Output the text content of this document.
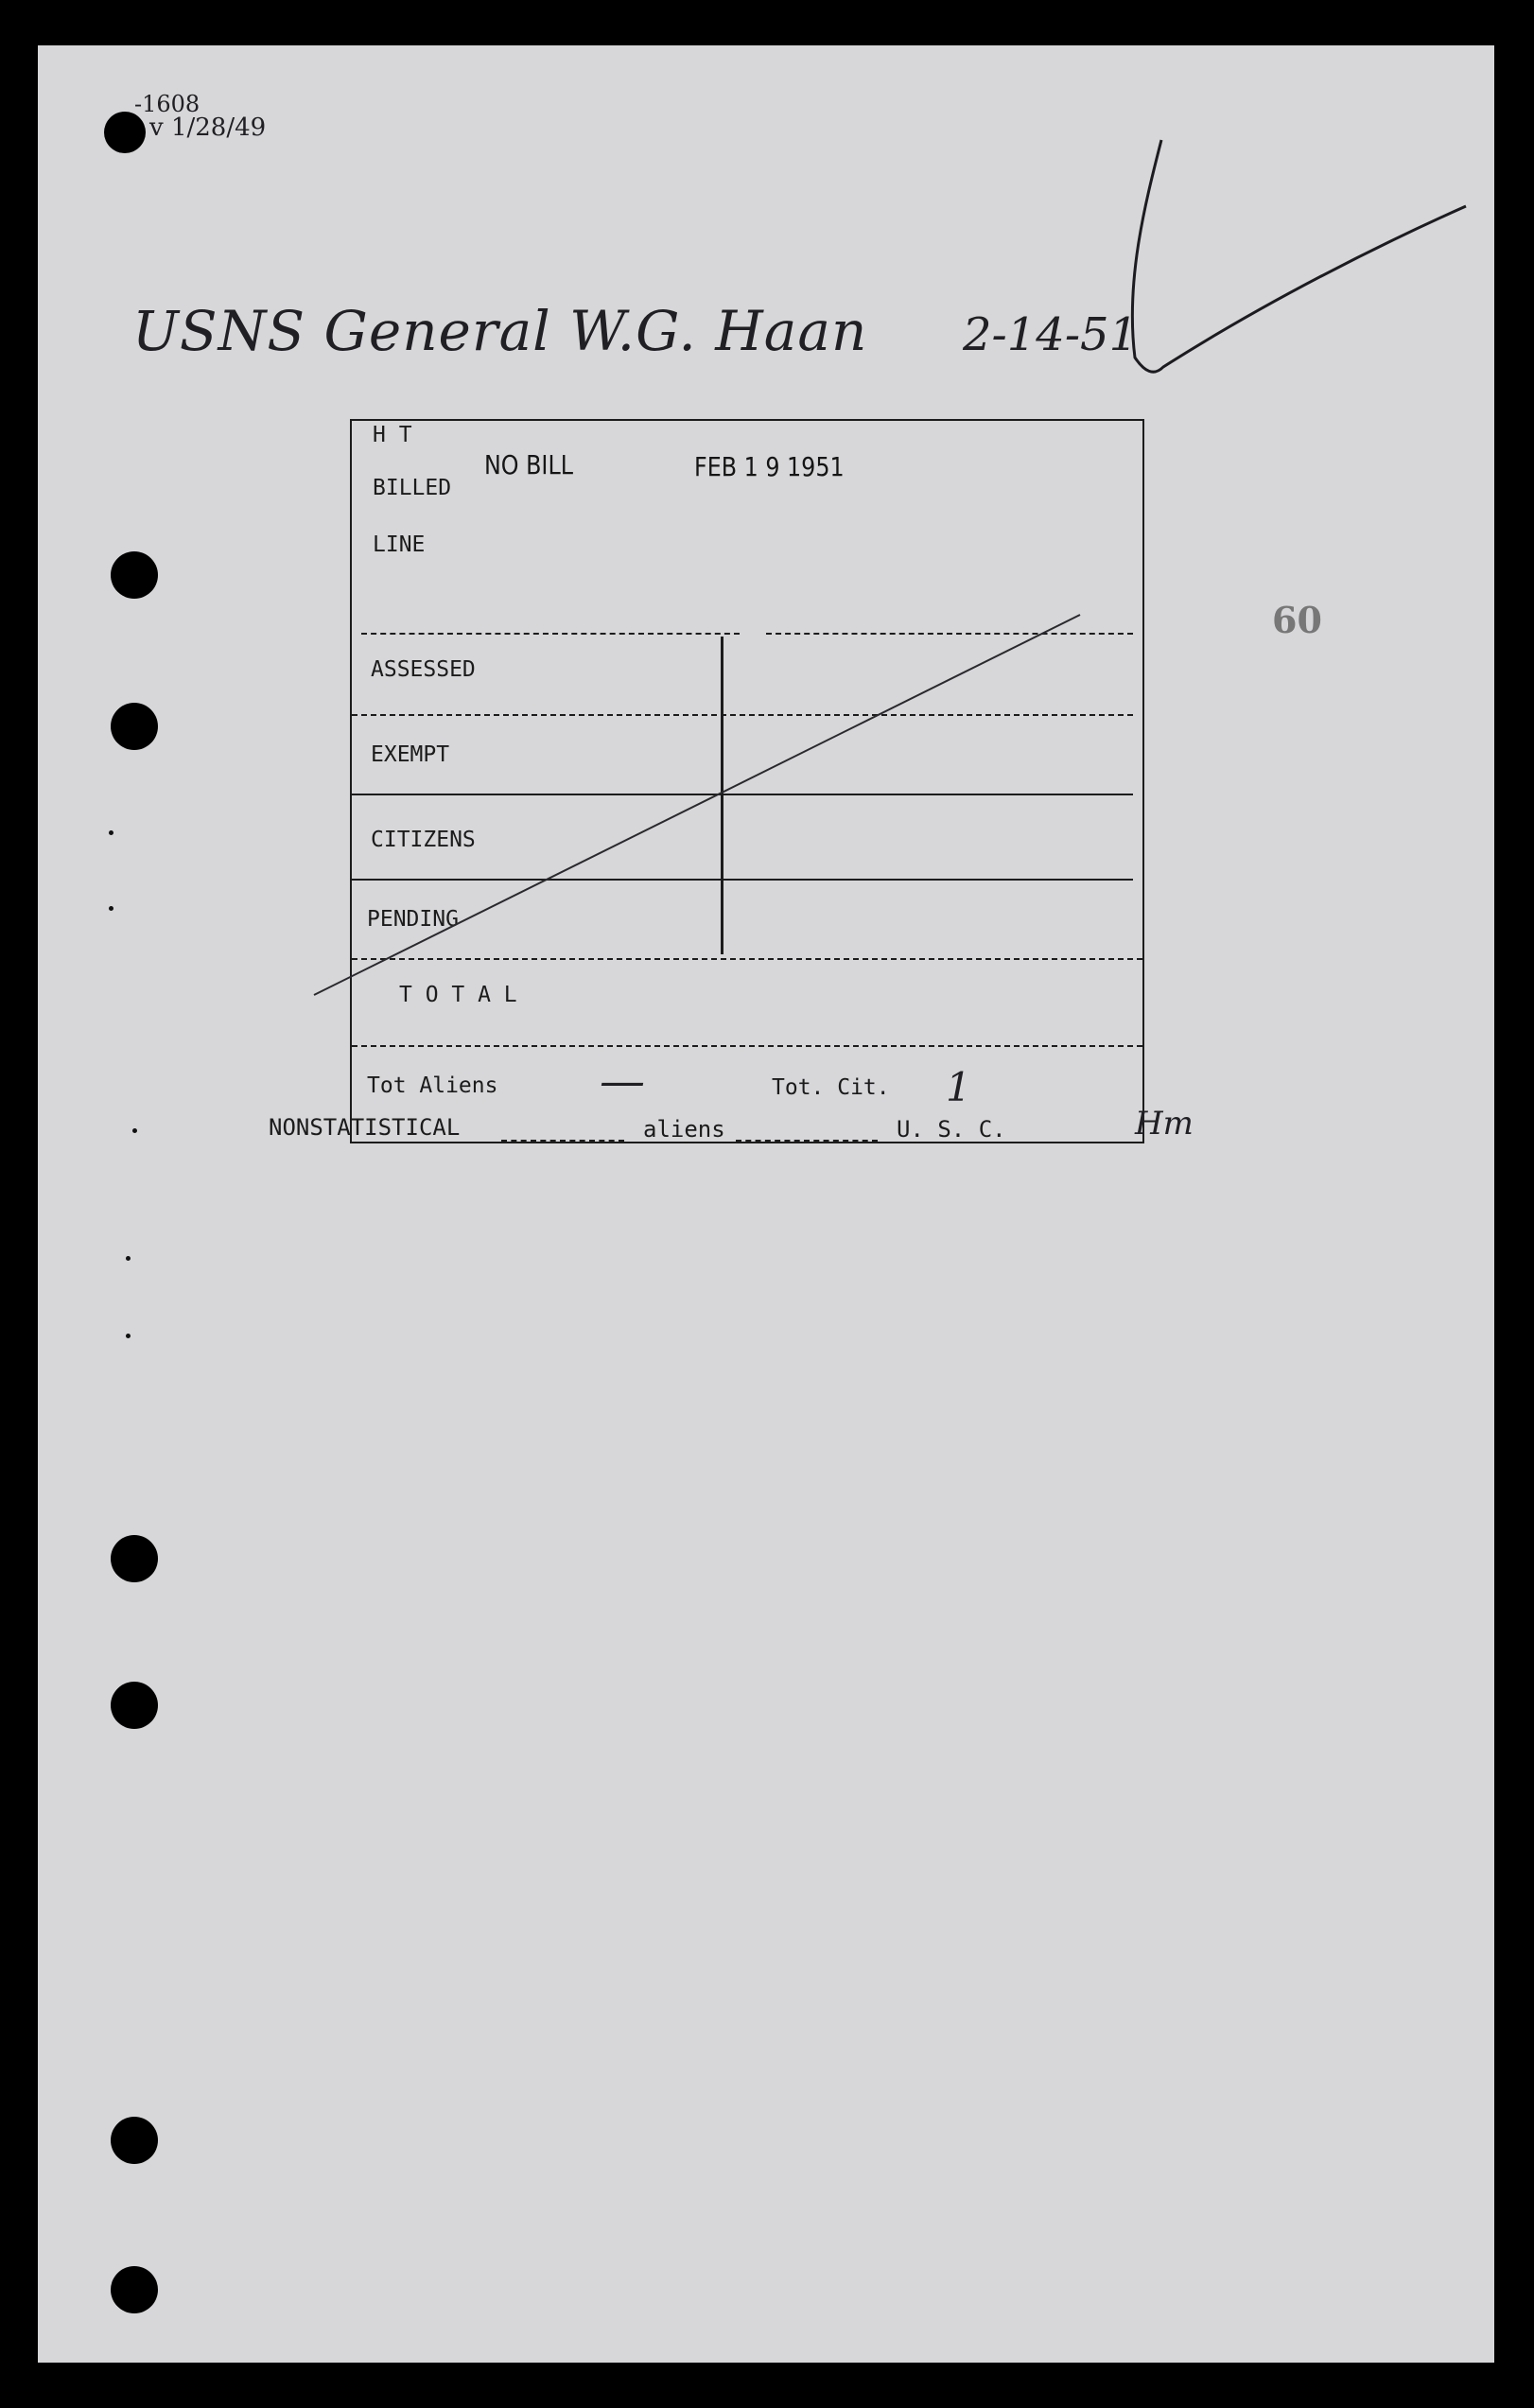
-1608
v 1/28/49
USNS General W.G. Haan 2-14-51
60
H T
NO BILL	FEB 1 9 1951
BILLED
LINE
ASSESSED
EXEMPT
CITIZENS
PENDING
T O T A L
Tot Aliens —	Tot. Cit. 1
Hm
NONSTATISTICAL	aliens	U. S. C.
